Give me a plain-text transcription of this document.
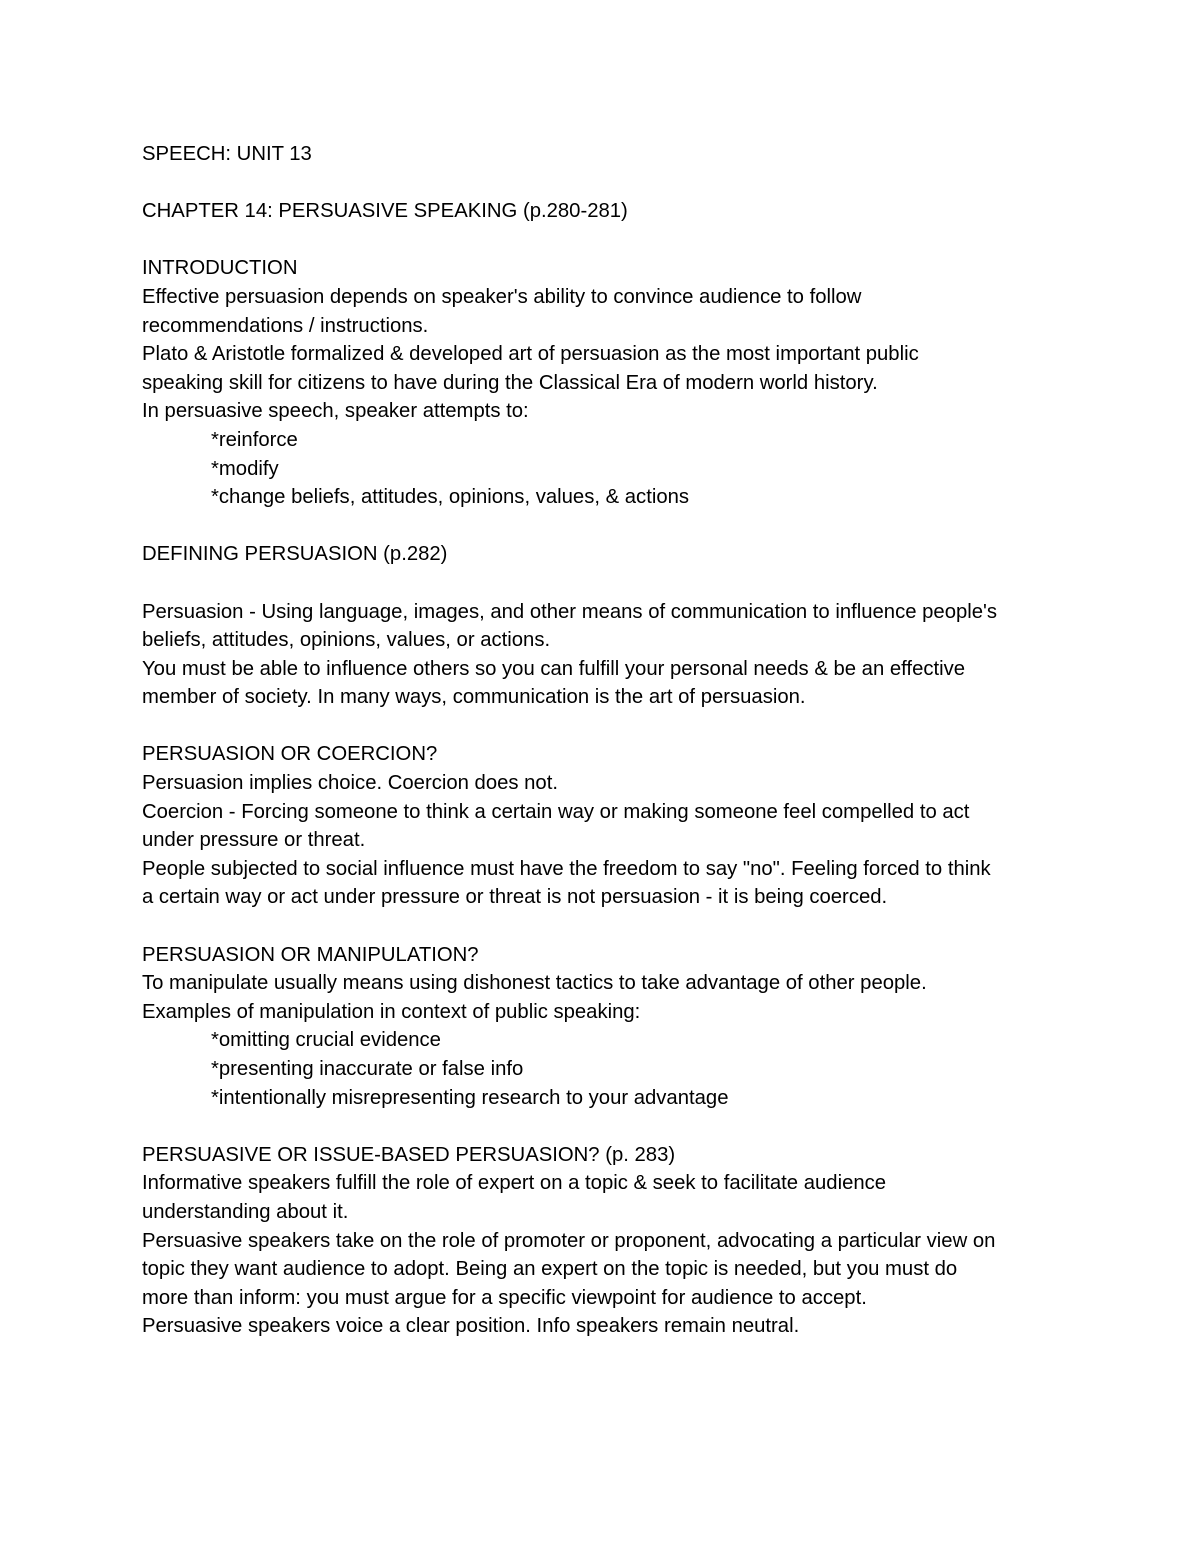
SPEECH: UNIT 13

CHAPTER 14: PERSUASIVE SPEAKING (p.280-281)

INTRODUCTION

Effective persuasion depends on speaker's ability to convince audience to follow

recommendations / instructions.

Plato & Aristotle formalized & developed art of persuasion as the most important public

speaking skill for citizens to have during the Classical Era of modern world history.

In persuasive speech, speaker attempts to:

*reinforce

*modify

*change beliefs, attitudes, opinions, values, & actions

DEFINING PERSUASION (p.282)

Persuasion - Using language, images, and other means of communication to influence people's

beliefs, attitudes, opinions, values, or actions.

You must be able to influence others so you can fulfill your personal needs & be an effective

member of society. In many ways, communication is the art of persuasion.

PERSUASION OR COERCION?

Persuasion implies choice. Coercion does not.

Coercion - Forcing someone to think a certain way or making someone feel compelled to act

under pressure or threat.

People subjected to social influence must have the freedom to say "no". Feeling forced to think

a certain way or act under pressure or threat is not persuasion - it is being coerced.

PERSUASION OR MANIPULATION?

To manipulate usually means using dishonest tactics to take advantage of other people.

Examples of manipulation in context of public speaking:

*omitting crucial evidence

*presenting inaccurate or false info

*intentionally misrepresenting research to your advantage

PERSUASIVE OR ISSUE-BASED PERSUASION? (p. 283)

Informative speakers fulfill the role of expert on a topic & seek to facilitate audience

understanding about it.

Persuasive speakers take on the role of promoter or proponent, advocating a particular view on

topic they want audience to adopt. Being an expert on the topic is needed, but you must do

more than inform: you must argue for a specific viewpoint for audience to accept.

Persuasive speakers voice a clear position. Info speakers remain neutral.
